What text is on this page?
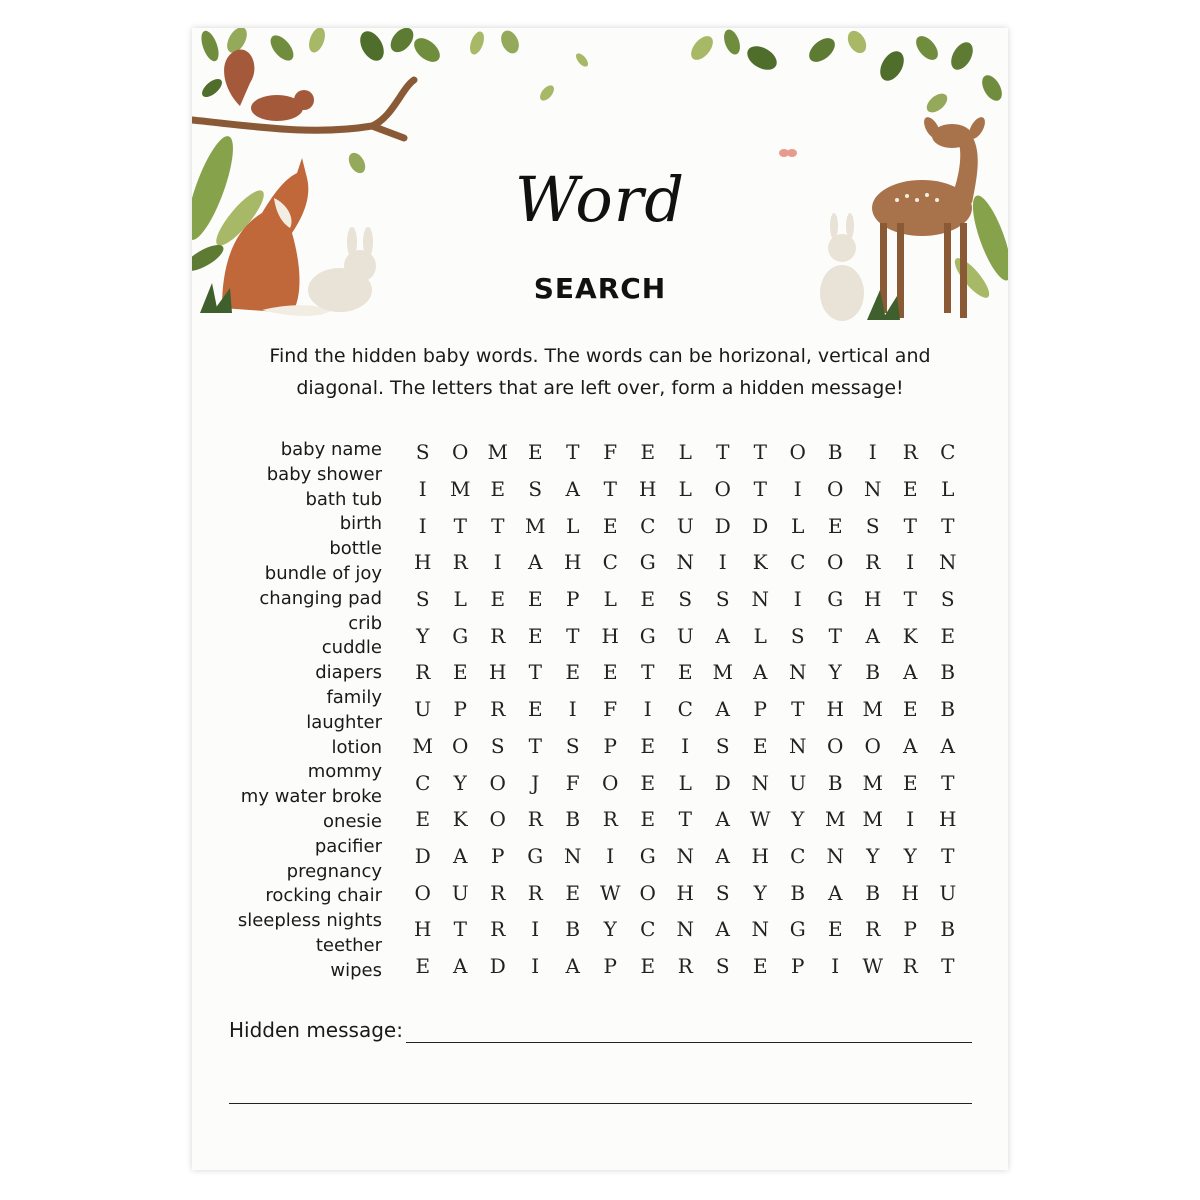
Word
SEARCH
Find the hidden baby words. The words can be horizonal, vertical and
diagonal. The letters that are left over, form a hidden message!
baby name
baby shower
bath tub
birth
bottle
bundle of joy
changing pad
crib
cuddle
diapers
family
laughter
lotion
mommy
my water broke
onesie
pacifier
pregnancy
rocking chair
sleepless nights
teether
wipes
S	O M E	T	F	E	L	T	T	O	B	I	R	C
I	M E	S	A	T	H	L	O	T	I	O	N	E	L
I	T	T	M	L	E	C	U	D	D	L	E	S	T	T
H	R	I	A	H	C	G	N	I	K	C	O	R	I	N
S	L	E	E	P	L	E	S	S	N	I	G	H	T	S
Y	G	R	E	T	H	G	U	A	L	S	T	A	K	E
R	E	H	T	E	E	T	E M	A	N	Y	B	A	B
U	P	R	E	I	F	I	C	A	P	T	H M E	B
M O	S	T	S	P	E	I	S	E	N	O	O	A	A
C	Y	O	J	F	O	E	L	D	N	U	B M E	T
E	K	O	R	B	R	E	T	A	W	Y	M M	I	H
D	A	P	G	N	I	G	N	A	H	C	N	Y	Y	T
O	U	R	R	E W O	H	S	Y	B	A	B	H	U
H	T	R	I	B	Y	C	N	A	N	G	E	R	P	B
E	A	D	I	A	P	E	R	S	E	P	I	W R	T
Hidden message:
